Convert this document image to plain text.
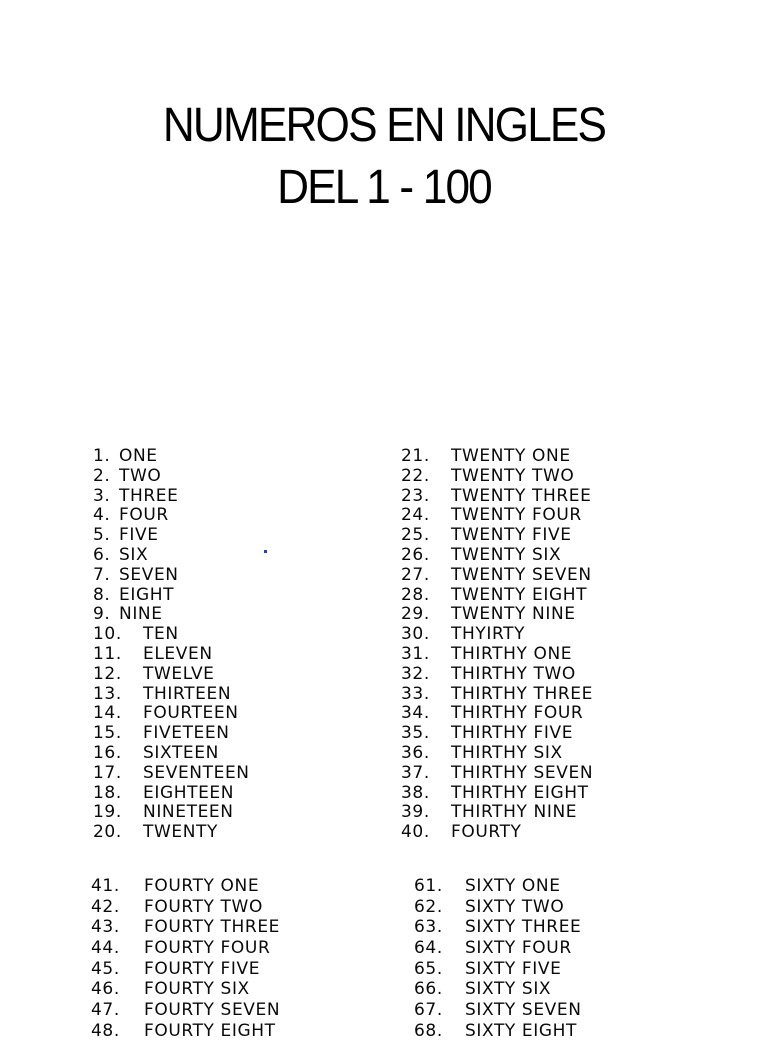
NUMEROS EN INGLES
DEL 1 - 100
1. ONE
2. TWO
3. THREE
4. FOUR
5. FIVE
6. SIX
7. SEVEN
8. EIGHT
9. NINE
10.	TEN
11.	ELEVEN
12.	TWELVE
13.	THIRTEEN
14.	FOURTEEN
15.	FIVETEEN
16.	SIXTEEN
17.	SEVENTEEN
18.	EIGHTEEN
19.	NINETEEN
20.	TWENTY
21.	TWENTY ONE
22.	TWENTY TWO
23.	TWENTY THREE
24.	TWENTY FOUR
25.	TWENTY FIVE
26.	TWENTY SIX
27.	TWENTY SEVEN
28.	TWENTY EIGHT
29.	TWENTY NINE
30.	THYIRTY
31.	THIRTHY ONE
32.	THIRTHY TWO
33.	THIRTHY THREE
34.	THIRTHY FOUR
35.	THIRTHY FIVE
36.	THIRTHY SIX
37.	THIRTHY SEVEN
38.	THIRTHY EIGHT
39.	THIRTHY NINE
40.	FOURTY
41.	FOURTY ONE
42.	FOURTY TWO
43.	FOURTY THREE
44.	FOURTY FOUR
45.	FOURTY FIVE
46.	FOURTY SIX
47.	FOURTY SEVEN
48.	FOURTY EIGHT
61.	SIXTY ONE
62.	SIXTY TWO
63.	SIXTY THREE
64.	SIXTY FOUR
65.	SIXTY FIVE
66.	SIXTY SIX
67.	SIXTY SEVEN
68.	SIXTY EIGHT
